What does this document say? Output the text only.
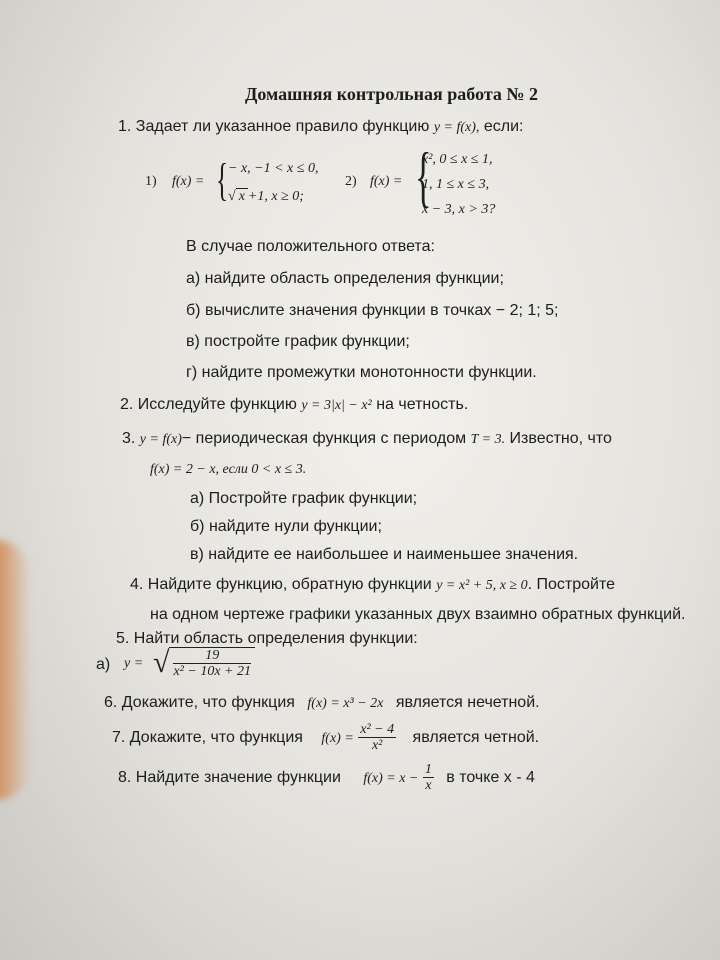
Домашняя контрольная работа № 2
1. Задает ли указанное правило функцию y = f(x), если:
1) f(x) = { − x, −1 < x ≤ 0,
√ x +1, x ≥ 0;
2) f(x) = {
x², 0 ≤ x ≤ 1,
1, 1 ≤ x ≤ 3,
x − 3, x > 3?
В случае положительного ответа:
а) найдите область определения функции;
б) вычислите значения функции в точках − 2; 1; 5;
в) постройте график функции;
г) найдите промежутки монотонности функции.
2. Исследуйте функцию y = 3|x| − x² на четность.
3. y = f(x)− периодическая функция с периодом T = 3. Известно, что
f(x) = 2 − x, если 0 < x ≤ 3.
а) Постройте график функции;
б) найдите нули функции;
в) найдите ее наибольшее и наименьшее значения.
4. Найдите функцию, обратную функции y = x² + 5, x ≥ 0. Постройте
на одном чертеже графики указанных двух взаимно обратных функций.
5. Найти область определения функции:
а) y = √ $\frac{19}{\text{x² − 10x + 21}}$
6. Докажите, что функция f(x) = x³ − 2x является нечетной.
7. Докажите, что функция $f(x) = \frac{\text{x² − 4}}{\text{x²}}$ является четной.
8. Найдите значение функции $f(x) = x - \frac{1}{x}$ в точке x - 4
